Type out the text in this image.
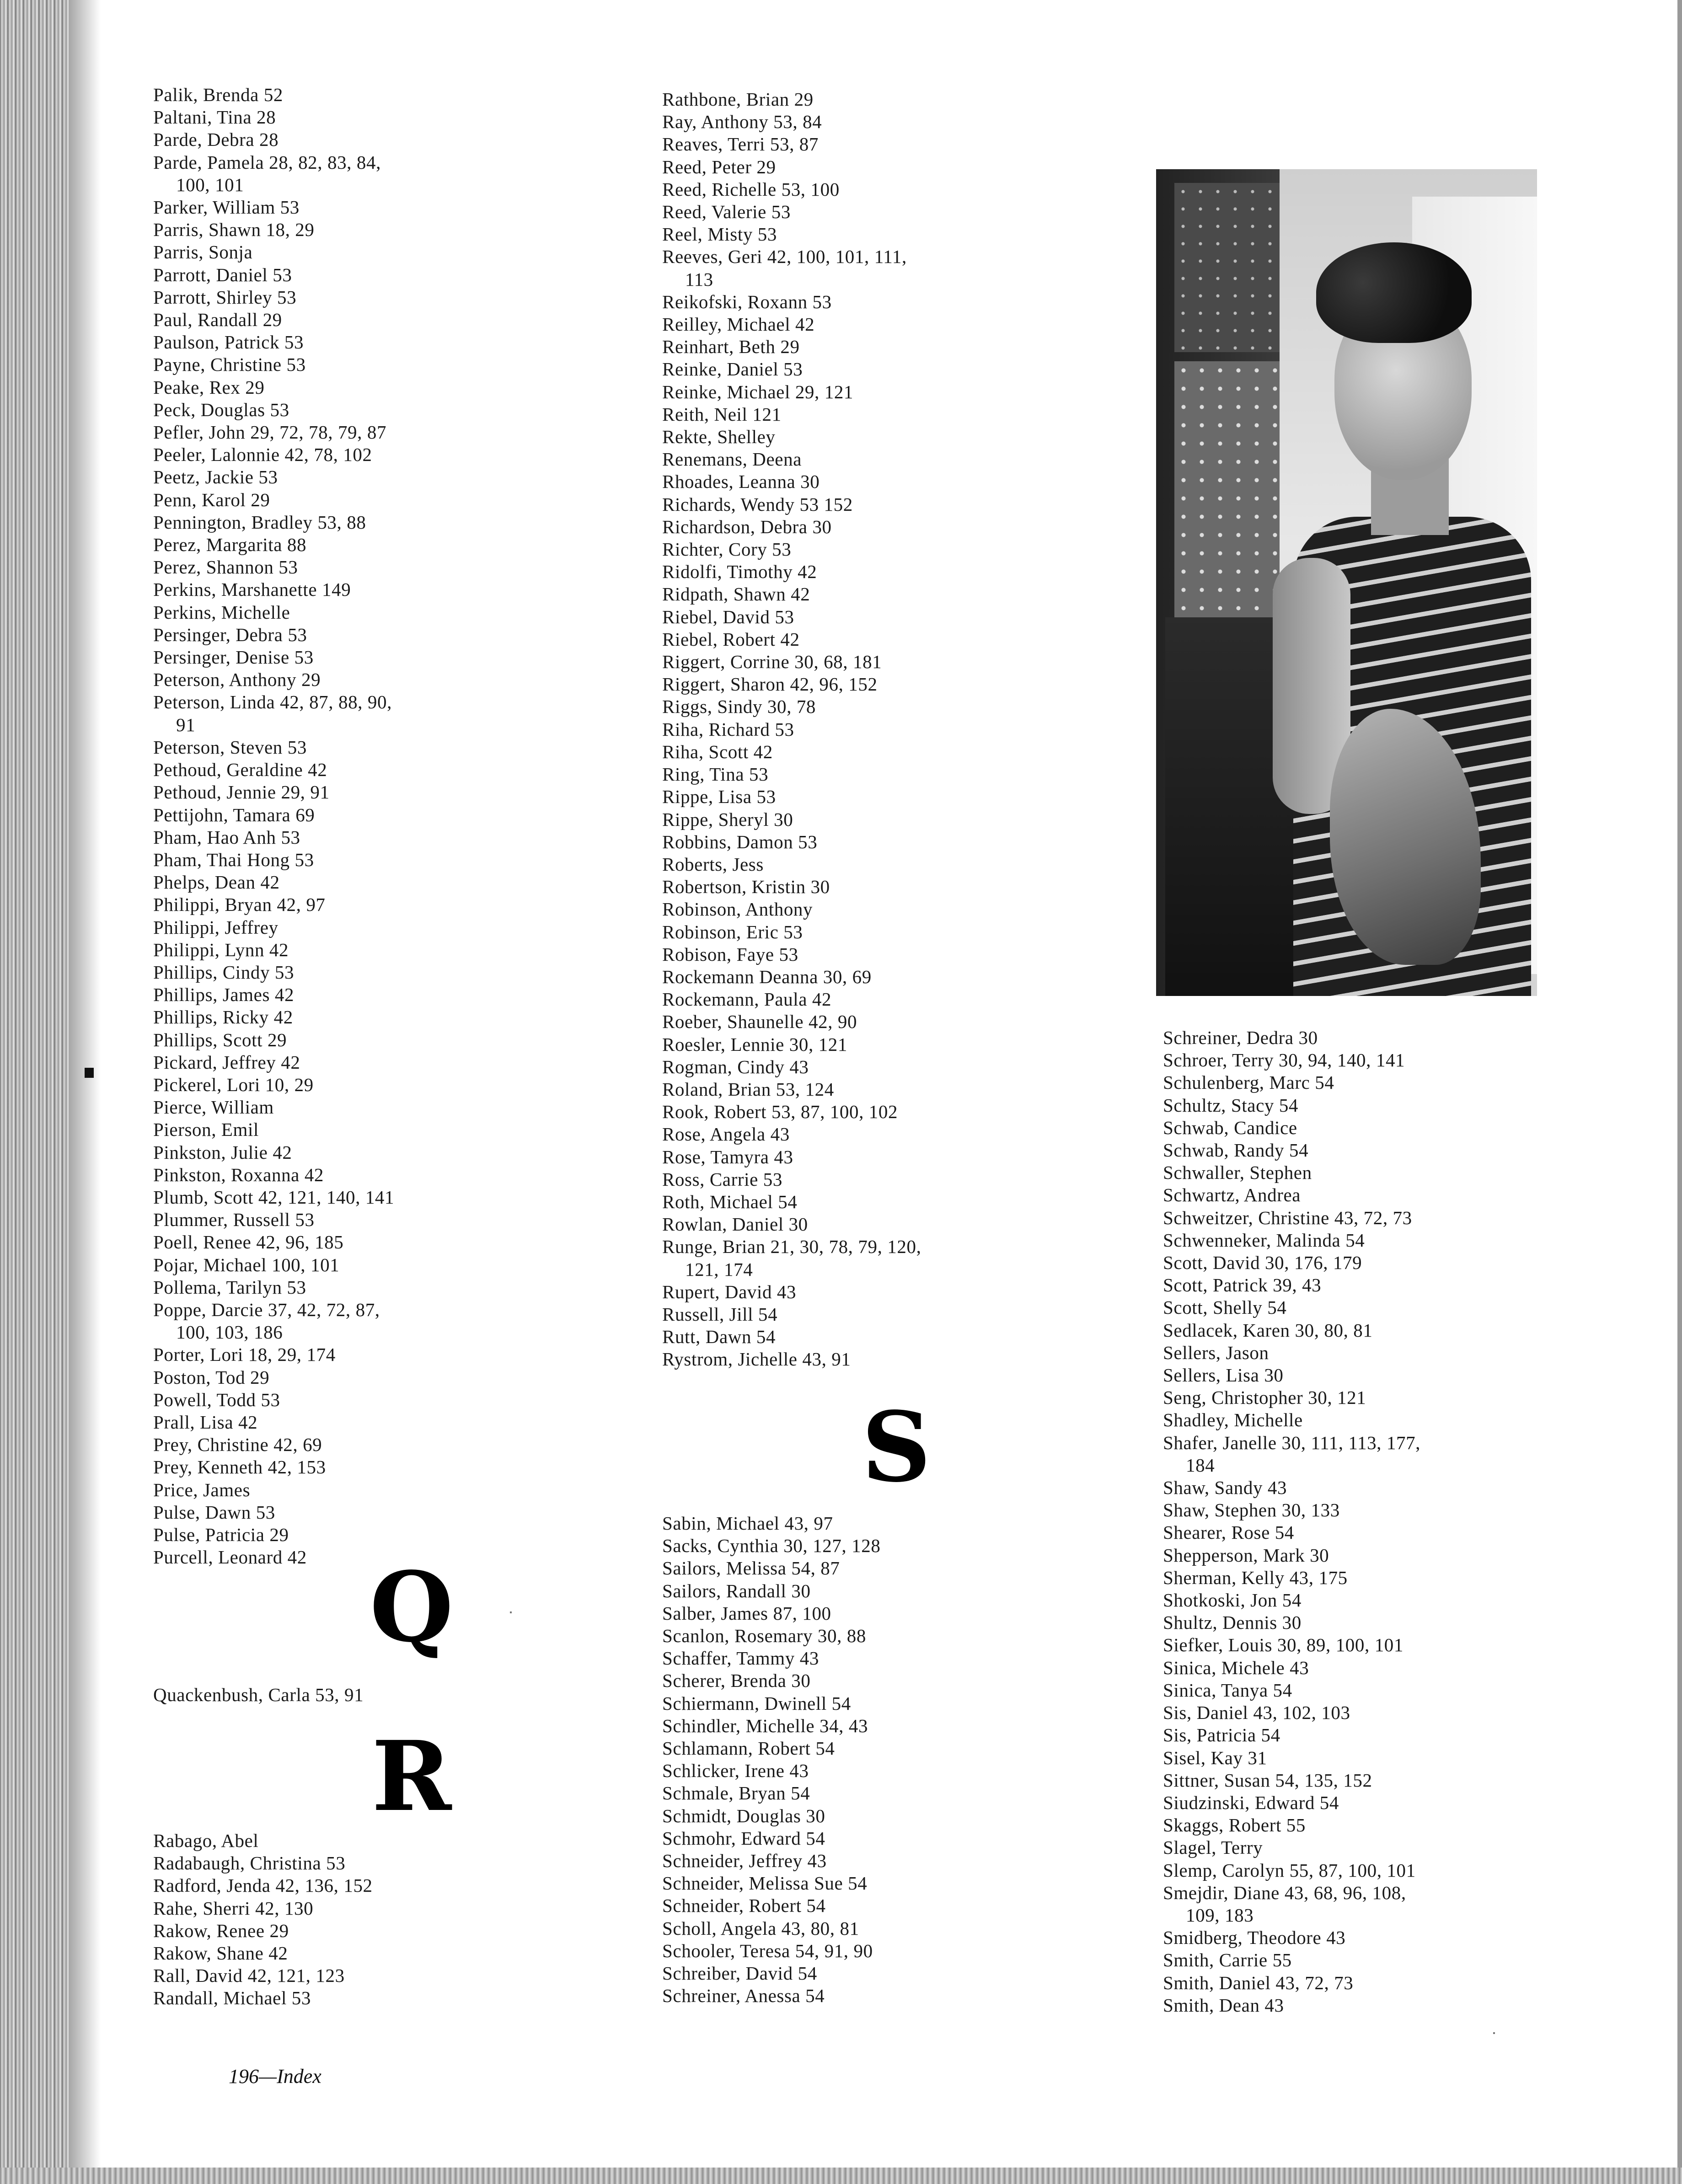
Palik, Brenda 52
Paltani, Tina 28
Parde, Debra 28
Parde, Pamela 28, 82, 83, 84,
100, 101
Parker, William 53
Parris, Shawn 18, 29
Parris, Sonja
Parrott, Daniel 53
Parrott, Shirley 53
Paul, Randall 29
Paulson, Patrick 53
Payne, Christine 53
Peake, Rex 29
Peck, Douglas 53
Pefler, John 29, 72, 78, 79, 87
Peeler, Lalonnie 42, 78, 102
Peetz, Jackie 53
Penn, Karol 29
Pennington, Bradley 53, 88
Perez, Margarita 88
Perez, Shannon 53
Perkins, Marshanette 149
Perkins, Michelle
Persinger, Debra 53
Persinger, Denise 53
Peterson, Anthony 29
Peterson, Linda 42, 87, 88, 90,
91
Peterson, Steven 53
Pethoud, Geraldine 42
Pethoud, Jennie 29, 91
Pettijohn, Tamara 69
Pham, Hao Anh 53
Pham, Thai Hong 53
Phelps, Dean 42
Philippi, Bryan 42, 97
Philippi, Jeffrey
Philippi, Lynn 42
Phillips, Cindy 53
Phillips, James 42
Phillips, Ricky 42
Phillips, Scott 29
Pickard, Jeffrey 42
Pickerel, Lori 10, 29
Pierce, William
Pierson, Emil
Pinkston, Julie 42
Pinkston, Roxanna 42
Plumb, Scott 42, 121, 140, 141
Plummer, Russell 53
Poell, Renee 42, 96, 185
Pojar, Michael 100, 101
Pollema, Tarilyn 53
Poppe, Darcie 37, 42, 72, 87,
100, 103, 186
Porter, Lori 18, 29, 174
Poston, Tod 29
Powell, Todd 53
Prall, Lisa 42
Prey, Christine 42, 69
Prey, Kenneth 42, 153
Price, James
Pulse, Dawn 53
Pulse, Patricia 29
Purcell, Leonard 42 Q
Quackenbush, Carla 53, 91
R
Rabago, Abel
Radabaugh, Christina 53
Radford, Jenda 42, 136, 152
Rahe, Sherri 42, 130
Rakow, Renee 29
Rakow, Shane 42
Rall, David 42, 121, 123
Randall, Michael 53
Rathbone, Brian 29
Ray, Anthony 53, 84
Reaves, Terri 53, 87
Reed, Peter 29
Reed, Richelle 53, 100
Reed, Valerie 53
Reel, Misty 53
Reeves, Geri 42, 100, 101, 111,
113
Reikofski, Roxann 53
Reilley, Michael 42
Reinhart, Beth 29
Reinke, Daniel 53
Reinke, Michael 29, 121
Reith, Neil 121
Rekte, Shelley
Renemans, Deena
Rhoades, Leanna 30
Richards, Wendy 53 152
Richardson, Debra 30
Richter, Cory 53
Ridolfi, Timothy 42
Ridpath, Shawn 42
Riebel, David 53
Riebel, Robert 42
Riggert, Corrine 30, 68, 181
Riggert, Sharon 42, 96, 152
Riggs, Sindy 30, 78
Riha, Richard 53
Riha, Scott 42
Ring, Tina 53
Rippe, Lisa 53
Rippe, Sheryl 30
Robbins, Damon 53
Roberts, Jess
Robertson, Kristin 30
Robinson, Anthony
Robinson, Eric 53
Robison, Faye 53
Rockemann Deanna 30, 69
Rockemann, Paula 42
Roeber, Shaunelle 42, 90
Roesler, Lennie 30, 121
Rogman, Cindy 43
Roland, Brian 53, 124
Rook, Robert 53, 87, 100, 102
Rose, Angela 43
Rose, Tamyra 43
Ross, Carrie 53
Roth, Michael 54
Rowlan, Daniel 30
Runge, Brian 21, 30, 78, 79, 120,
121, 174
Rupert, David 43
Russell, Jill 54
Rutt, Dawn 54
Rystrom, Jichelle 43, 91
S
Sabin, Michael 43, 97
Sacks, Cynthia 30, 127, 128
Sailors, Melissa 54, 87
Sailors, Randall 30
Salber, James 87, 100
Scanlon, Rosemary 30, 88
Schaffer, Tammy 43
Scherer, Brenda 30
Schiermann, Dwinell 54
Schindler, Michelle 34, 43
Schlamann, Robert 54
Schlicker, Irene 43
Schmale, Bryan 54
Schmidt, Douglas 30
Schmohr, Edward 54
Schneider, Jeffrey 43
Schneider, Melissa Sue 54
Schneider, Robert 54
Scholl, Angela 43, 80, 81
Schooler, Teresa 54, 91, 90
Schreiber, David 54
Schreiner, Anessa 54
Schreiner, Dedra 30
Schroer, Terry 30, 94, 140, 141
Schulenberg, Marc 54
Schultz, Stacy 54
Schwab, Candice
Schwab, Randy 54
Schwaller, Stephen
Schwartz, Andrea
Schweitzer, Christine 43, 72, 73
Schwenneker, Malinda 54
Scott, David 30, 176, 179
Scott, Patrick 39, 43
Scott, Shelly 54
Sedlacek, Karen 30, 80, 81
Sellers, Jason
Sellers, Lisa 30
Seng, Christopher 30, 121
Shadley, Michelle
Shafer, Janelle 30, 111, 113, 177,
184
Shaw, Sandy 43
Shaw, Stephen 30, 133
Shearer, Rose 54
Shepperson, Mark 30
Sherman, Kelly 43, 175
Shotkoski, Jon 54
Shultz, Dennis 30
Siefker, Louis 30, 89, 100, 101
Sinica, Michele 43
Sinica, Tanya 54
Sis, Daniel 43, 102, 103
Sis, Patricia 54
Sisel, Kay 31
Sittner, Susan 54, 135, 152
Siudzinski, Edward 54
Skaggs, Robert 55
Slagel, Terry
Slemp, Carolyn 55, 87, 100, 101
Smejdir, Diane 43, 68, 96, 108,
109, 183
Smidberg, Theodore 43
Smith, Carrie 55
Smith, Daniel 43, 72, 73
Smith, Dean 43
196—Index
